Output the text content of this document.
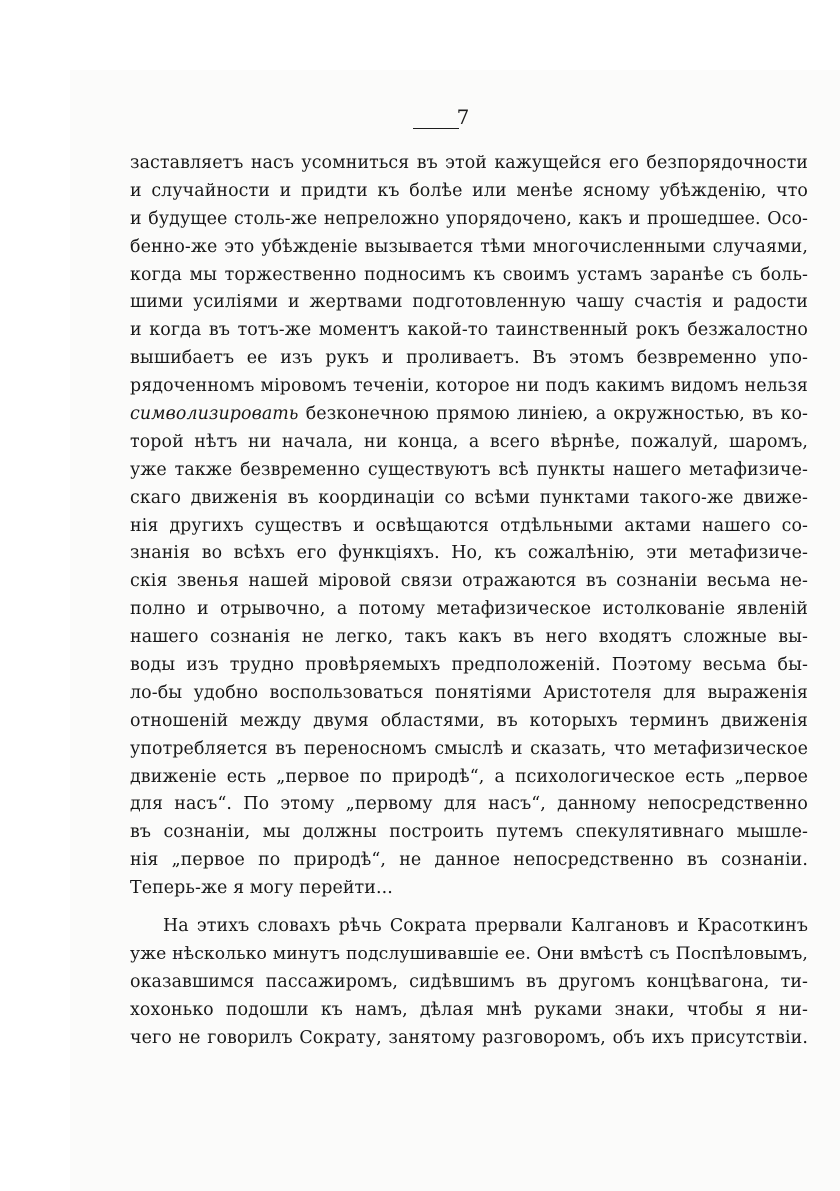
7
заставляетъ насъ усомниться въ этой кажущейся его безпорядочности
и случайности и придти къ болѣе или менѣе ясному убѣжденію, что
и будущее столь-же непреложно упорядочено, какъ и прошедшее. Осо-
бенно-же это убѣжденіе вызывается тѣми многочисленными случаями,
когда мы торжественно подносимъ къ своимъ устамъ заранѣе съ боль-
шими усиліями и жертвами подготовленную чашу счастія и радости
и когда въ тотъ-же моментъ какой-то таинственный рокъ безжалостно
вышибаетъ ее изъ рукъ и проливаетъ. Въ этомъ безвременно упо-
рядоченномъ міровомъ теченіи, которое ни подъ какимъ видомъ нельзя
символизировать безконечною прямою линіею, а окружностью, въ ко-
торой нѣтъ ни начала, ни конца, а всего вѣрнѣе, пожалуй, шаромъ,
уже также безвременно существуютъ всѣ пункты нашего метафизиче-
скаго движенія въ координаціи со всѣми пунктами такого-же движе-
нія другихъ существъ и освѣщаются отдѣльными актами нашего со-
знанія во всѣхъ его функціяхъ. Но, къ сожалѣнію, эти метафизиче-
скія звенья нашей міровой связи отражаются въ сознаніи весьма не-
полно и отрывочно, а потому метафизическое истолкованіе явленій
нашего сознанія не легко, такъ какъ въ него входятъ сложные вы-
воды изъ трудно провѣряемыхъ предположеній. Поэтому весьма бы-
ло-бы удобно воспользоваться понятіями Аристотеля для выраженія
отношеній между двумя областями, въ которыхъ терминъ движенія
употребляется въ переносномъ смыслѣ и сказать, что метафизическое
движеніе есть „первое по природѣ“, а психологическое есть „первое
для насъ“. По этому „первому для насъ“, данному непосредственно
въ сознаніи, мы должны построить путемъ спекулятивнаго мышле-
нія „первое по природѣ“, не данное непосредственно въ сознаніи.
Теперь-же я могу перейти...
На этихъ словахъ рѣчь Сократа прервали Калгановъ и Красоткинъ
уже нѣсколько минутъ подслушивавшіе ее. Они вмѣстѣ съ Поспѣловымъ,
оказавшимся пассажиромъ, сидѣвшимъ въ другомъ концѣвагона, ти-
хохонько подошли къ намъ, дѣлая мнѣ руками знаки, чтобы я ни-
чего не говорилъ Сократу, занятому разговоромъ, объ ихъ присутствіи.
